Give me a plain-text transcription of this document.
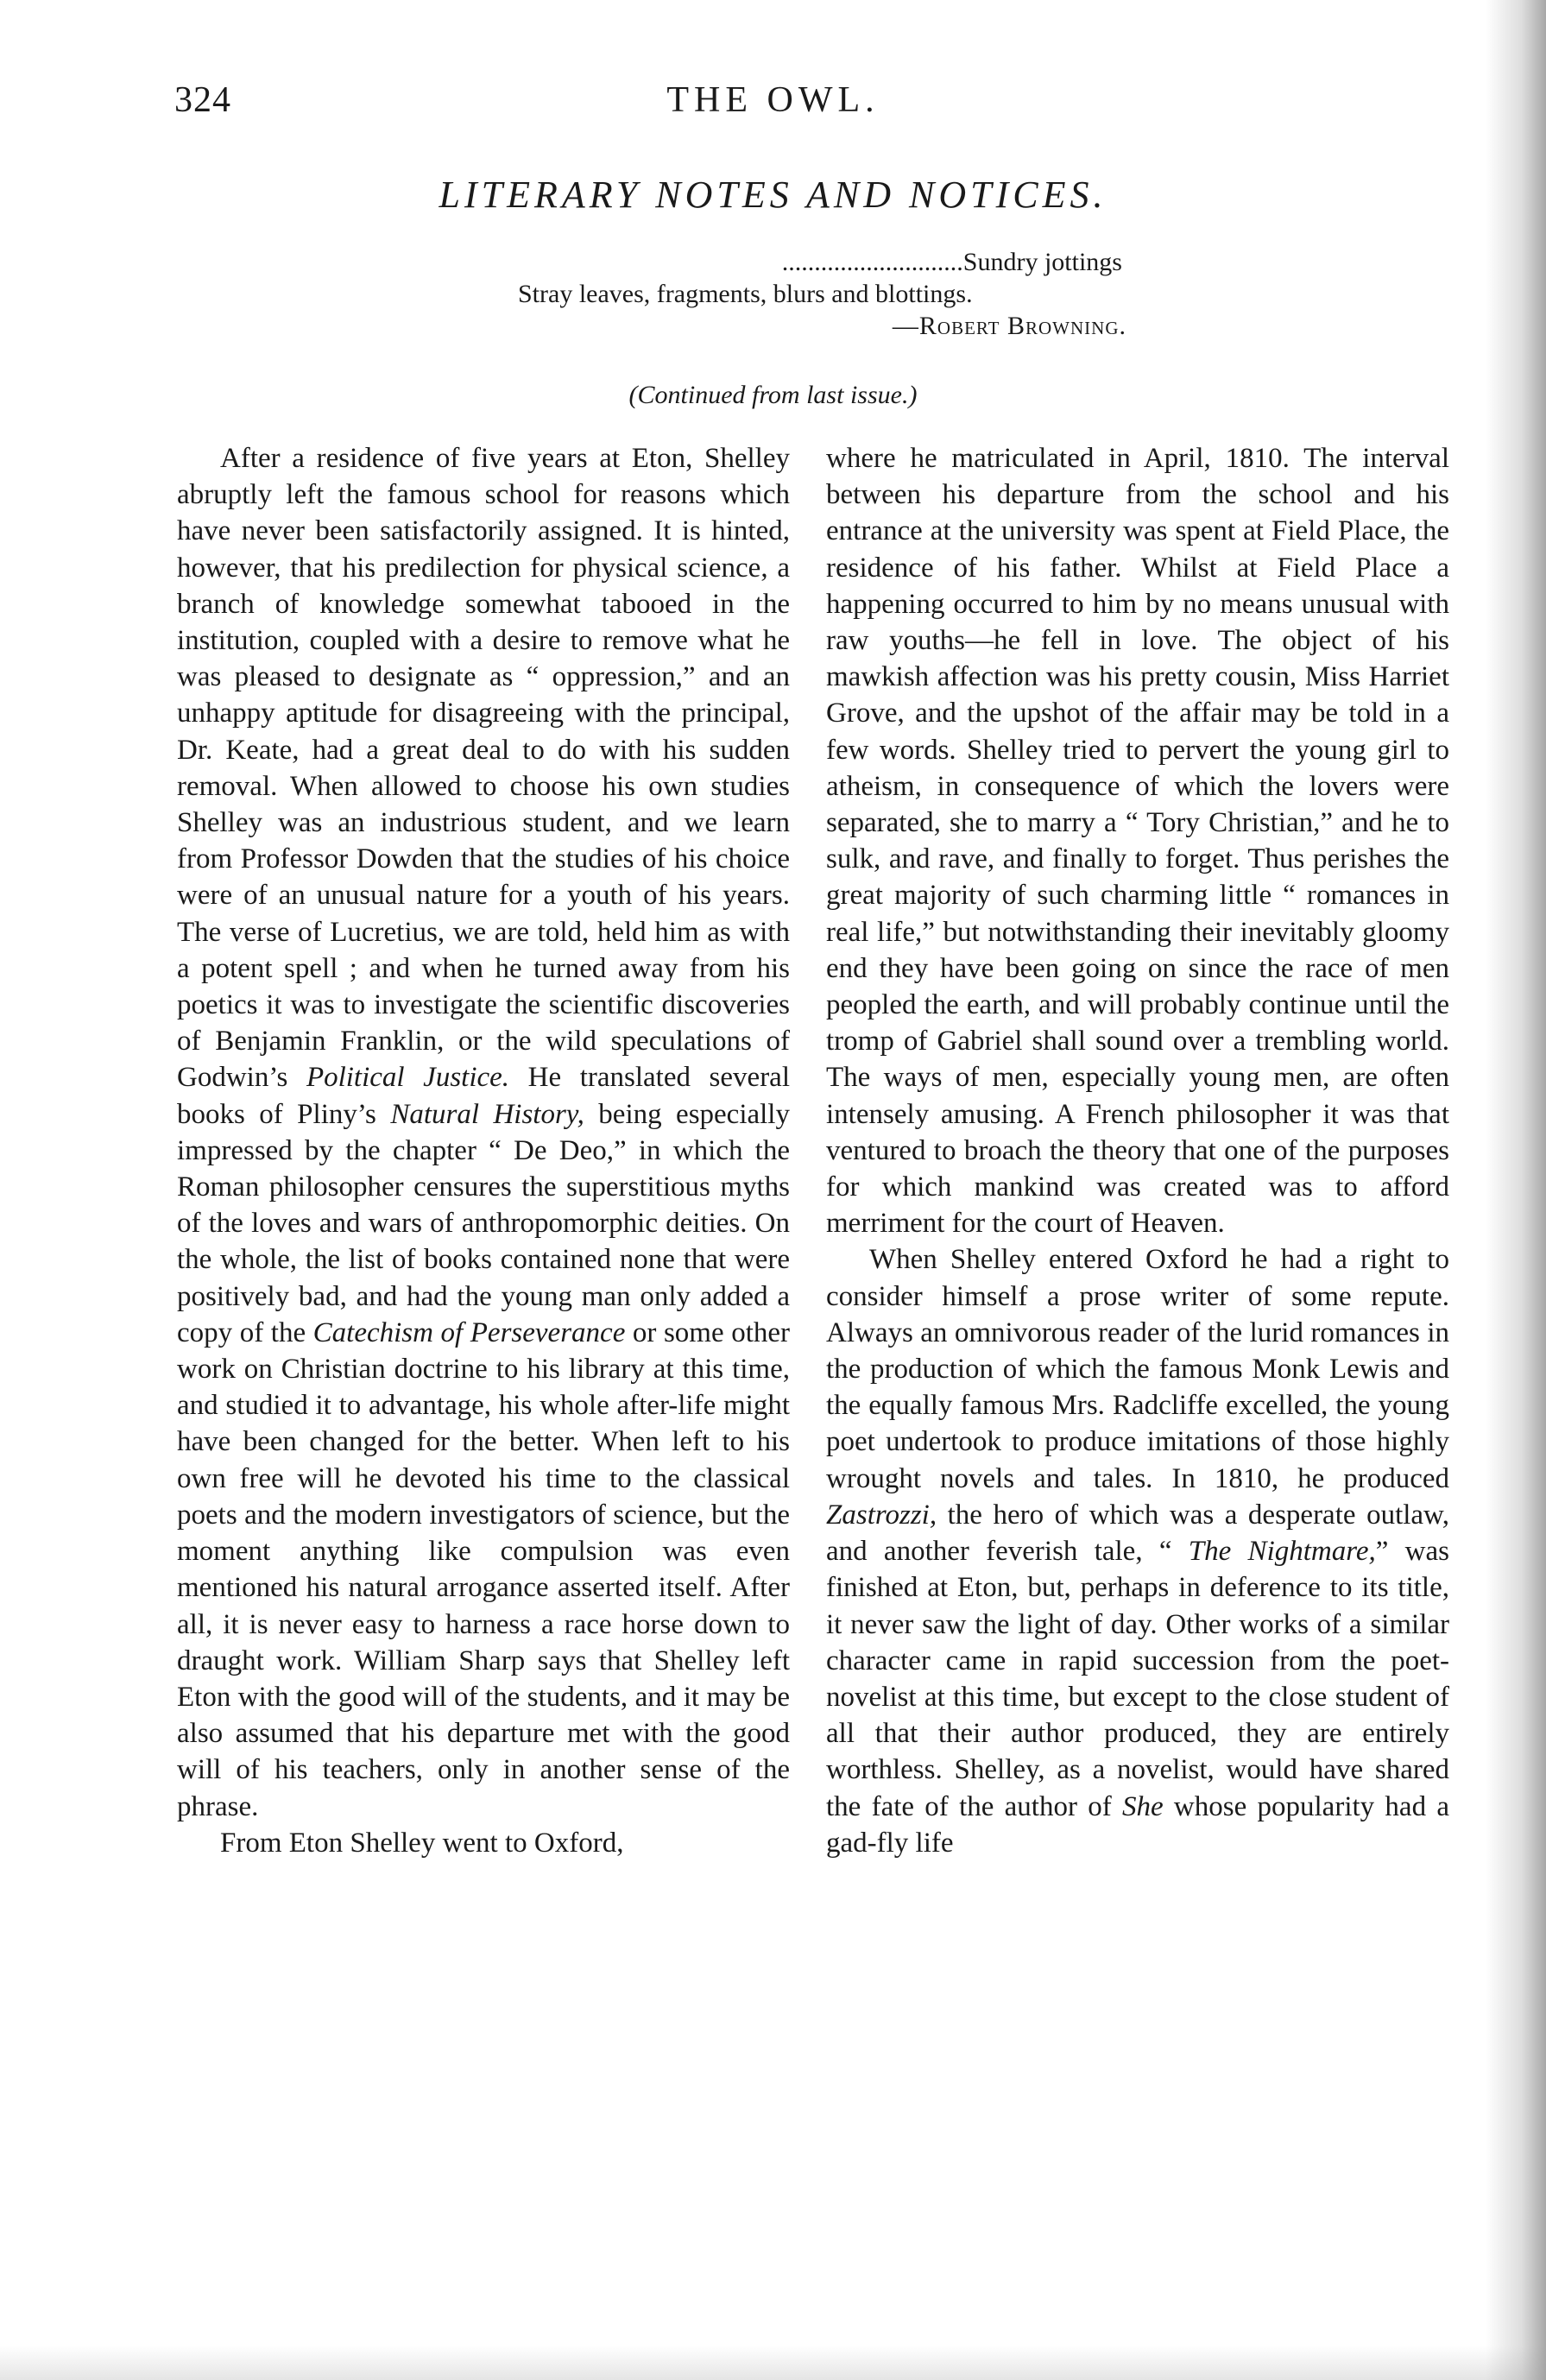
324	THE OWL.
LITERARY NOTES AND NOTICES.
............................Sundry jottings
Stray leaves, fragments, blurs and blottings.
—Robert Browning.
(Continued from last issue.)

After a residence of five years at Eton, Shelley abruptly left the famous school for reasons which have never been satisfactorily assigned. It is hinted, however, that his predilection for physical science, a branch of knowledge somewhat tabooed in the institution, coupled with a desire to remove what he was pleased to designate as “ oppression,” and an unhappy aptitude for disagreeing with the principal, Dr. Keate, had a great deal to do with his sudden removal. When allowed to choose his own studies Shelley was an industrious student, and we learn from Professor Dowden that the studies of his choice were of an unusual nature for a youth of his years. The verse of Lucretius, we are told, held him as with a potent spell ; and when he turned away from his poetics it was to investigate the scientific discoveries of Benjamin Franklin, or the wild speculations of Godwin’s Political Justice. He translated several books of Pliny’s Natural History, being especially impressed by the chapter “ De Deo,” in which the Roman philosopher censures the superstitious myths of the loves and wars of anthropomorphic deities. On the whole, the list of books contained none that were positively bad, and had the young man only added a copy of the Catechism of Perseverance or some other work on Christian doctrine to his library at this time, and studied it to advantage, his whole after-life might have been changed for the better. When left to his own free will he devoted his time to the classical poets and the modern investigators of science, but the moment anything like compulsion was even mentioned his natural arrogance asserted itself. After all, it is never easy to harness a race horse down to draught work. William Sharp says that Shelley left Eton with the good will of the students, and it may be also assumed that his departure met with the good will of his teachers, only in another sense of the phrase.

From Eton Shelley went to Oxford,

where he matriculated in April, 1810. The interval between his departure from the school and his entrance at the university was spent at Field Place, the residence of his father. Whilst at Field Place a happening occurred to him by no means unusual with raw youths—he fell in love. The object of his mawkish affection was his pretty cousin, Miss Harriet Grove, and the upshot of the affair may be told in a few words. Shelley tried to pervert the young girl to atheism, in consequence of which the lovers were separated, she to marry a “ Tory Christian,” and he to sulk, and rave, and finally to forget. Thus perishes the great majority of such charming little “ romances in real life,” but notwithstanding their inevitably gloomy end they have been going on since the race of men peopled the earth, and will probably continue until the tromp of Gabriel shall sound over a trembling world. The ways of men, especially young men, are often intensely amusing. A French philosopher it was that ventured to broach the theory that one of the purposes for which mankind was created was to afford merriment for the court of Heaven.

When Shelley entered Oxford he had a right to consider himself a prose writer of some repute. Always an omnivorous reader of the lurid romances in the production of which the famous Monk Lewis and the equally famous Mrs. Radcliffe excelled, the young poet undertook to produce imitations of those highly wrought novels and tales. In 1810, he produced Zastrozzi, the hero of which was a desperate outlaw, and another feverish tale, “ The Nightmare,” was finished at Eton, but, perhaps in deference to its title, it never saw the light of day. Other works of a similar character came in rapid succession from the poet-novelist at this time, but except to the close student of all that their author produced, they are entirely worthless. Shelley, as a novelist, would have shared the fate of the author of She whose popularity had a gad-fly life
